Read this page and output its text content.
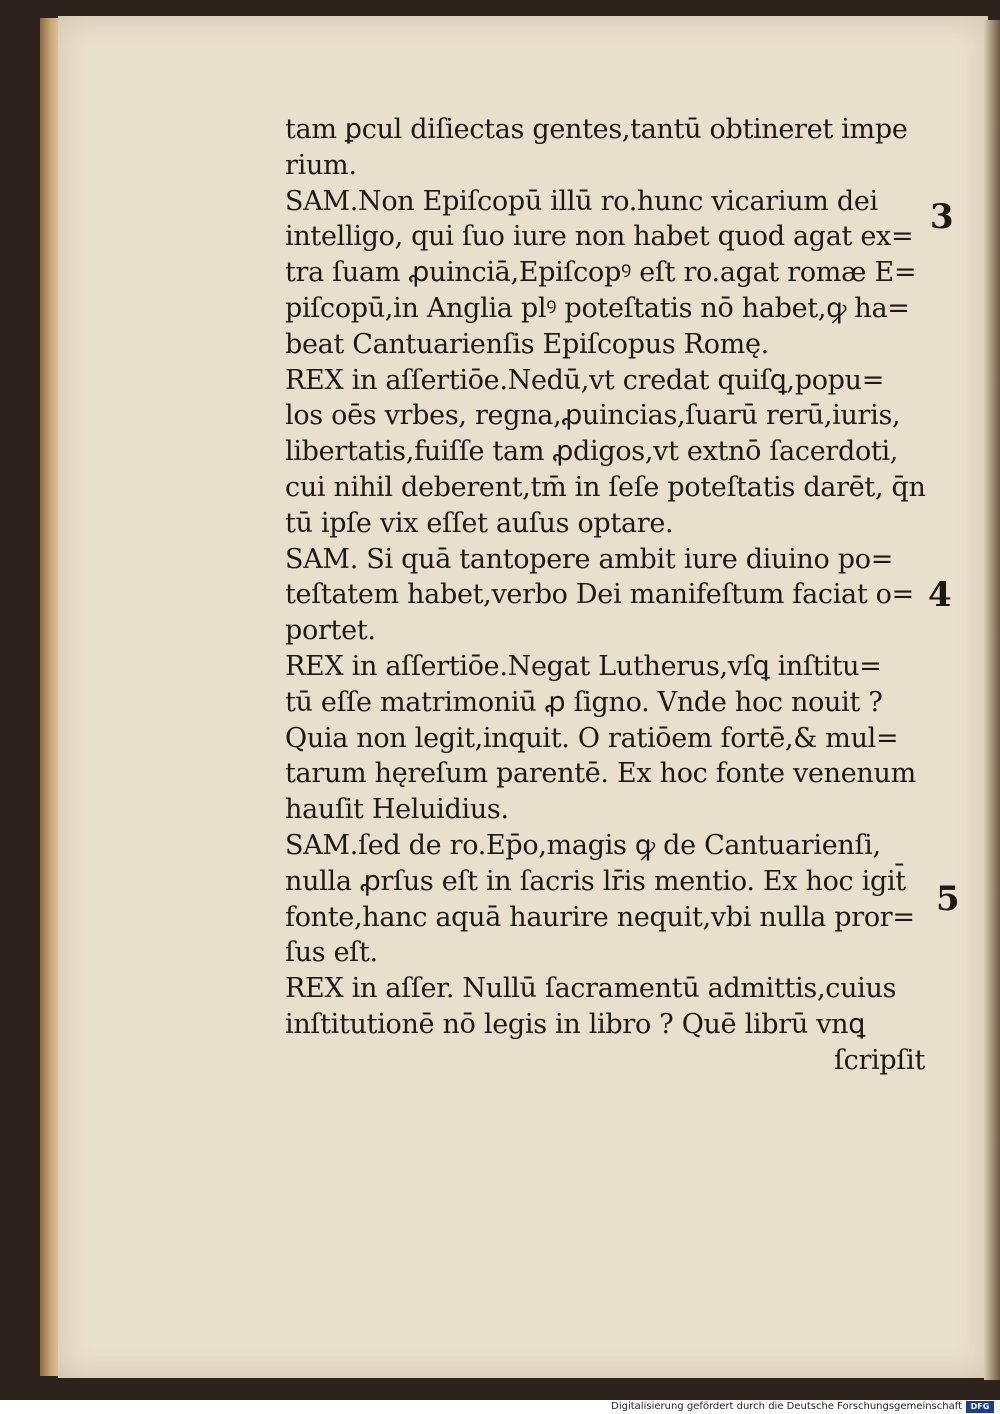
tam ꝑcul diſiectas gentes,tantū obtineret impe
rium.
SAM.Non Epiſcopū illū ro.hunc vicarium dei
intelligo, qui ſuo iure non habet quod agat ex=
tra ſuam ꝓuinciā,Epiſcopꝰ eſt ro.agat romæ E=
piſcopū,in Anglia plꝰ poteſtatis nō habet,ꝙ ha=
beat Cantuarienſis Epiſcopus Romę.
REX in aſſertiōe.Nedū,vt credat quiſꝗ,popu=
los oēs vrbes, regna,ꝓuincias,ſuarū rerū,iuris,
libertatis,fuiſſe tam ꝓdigos,vt extnō ſacerdoti,
cui nihil deberent,tm̄ in ſeſe poteſtatis darēt, q̄n
tū ipſe vix eſſet auſus optare.
SAM. Si quā tantopere ambit iure diuino po=
teſtatem habet,verbo Dei manifeſtum faciat o=
portet.
REX in aſſertiōe.Negat Lutherus,vſꝗ inſtitu=
tū eſſe matrimoniū ꝓ ſigno. Vnde hoc nouit ?
Quia non legit,inquit. O ratiōem fortē,& mul=
tarum hęreſum parentē. Ex hoc fonte venenum
hauſit Heluidius.
SAM.ſed de ro.Ep̄o,magis ꝙ de Cantuarienſi,
nulla ꝓrſus eſt in ſacris lr̄is mentio. Ex hoc igit̄
fonte,hanc aquā haurire nequit,vbi nulla pror=
ſus eſt.
REX in aſſer. Nullū ſacramentū admittis,cuius
inſtitutionē nō legis in libro ? Quē librū vnꝗ
ſcripſit
3
4
5
Digitalisierung gefördert durch die Deutsche Forschungsgemeinschaft	DFG
